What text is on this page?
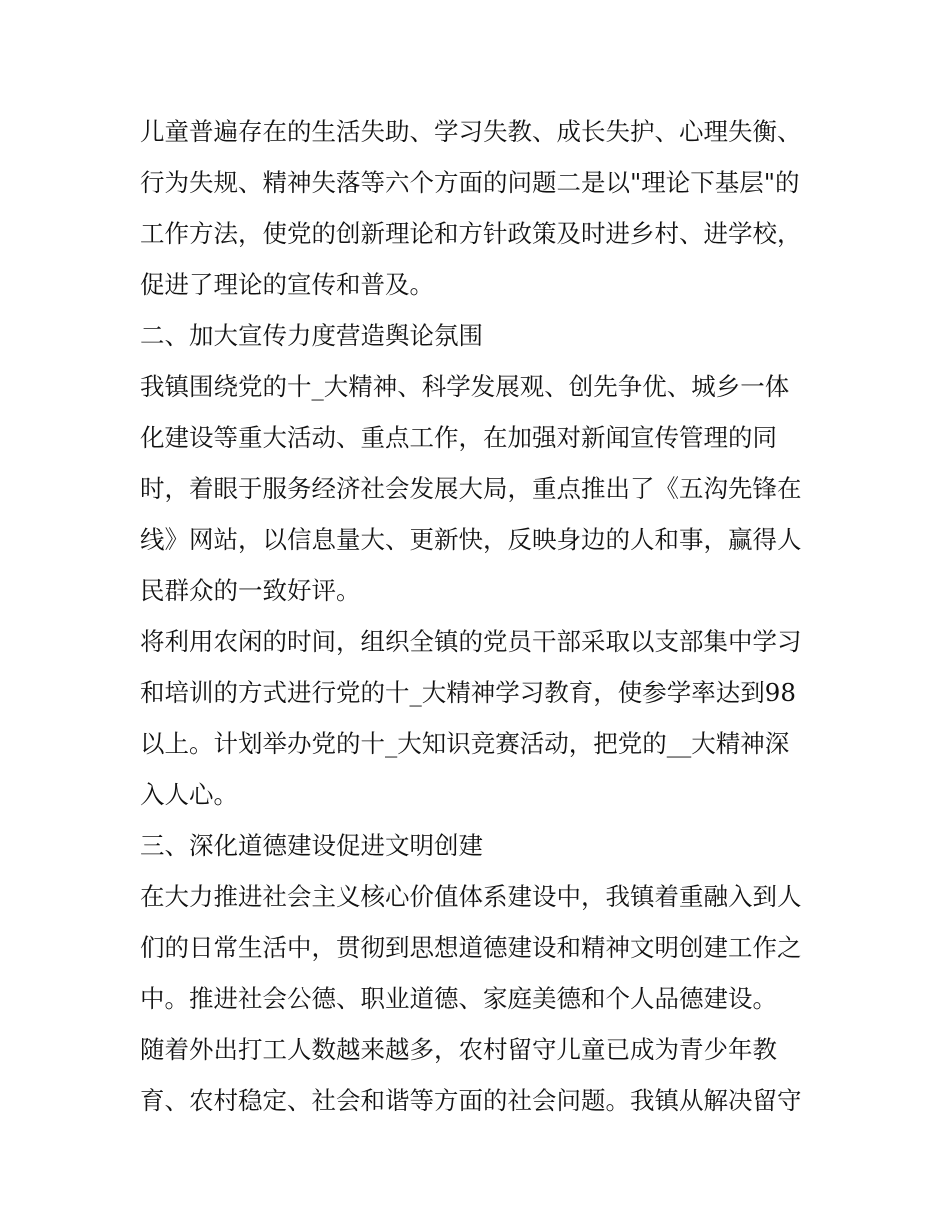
儿童普遍存在的生活失助、学习失教、成长失护、心理失衡、
行为失规、精神失落等六个方面的问题二是以"理论下基层"的
工作方法，使党的创新理论和方针政策及时进乡村、进学校，
促进了理论的宣传和普及。
二、加大宣传力度营造舆论氛围
我镇围绕党的十_大精神、科学发展观、创先争优、城乡一体
化建设等重大活动、重点工作，在加强对新闻宣传管理的同
时，着眼于服务经济社会发展大局，重点推出了《五沟先锋在
线》网站，以信息量大、更新快，反映身边的人和事，赢得人
民群众的一致好评。
将利用农闲的时间，组织全镇的党员干部采取以支部集中学习
和培训的方式进行党的十_大精神学习教育，使参学率达到98
以上。计划举办党的十_大知识竞赛活动，把党的__大精神深
入人心。
三、深化道德建设促进文明创建
在大力推进社会主义核心价值体系建设中，我镇着重融入到人
们的日常生活中，贯彻到思想道德建设和精神文明创建工作之
中。推进社会公德、职业道德、家庭美德和个人品德建设。
随着外出打工人数越来越多，农村留守儿童已成为青少年教
育、农村稳定、社会和谐等方面的社会问题。我镇从解决留守
